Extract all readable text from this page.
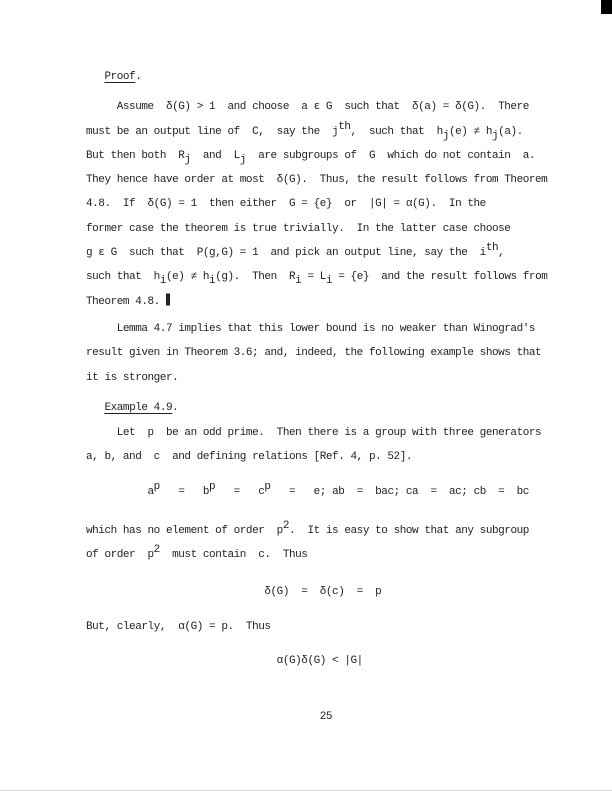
Proof.
Assume  δ(G) > 1  and choose  a ε G  such that  δ(a) = δ(G).  There
must be an output line of  C,  say the  jth,  such that  hj(e) ≠ hj(a).
But then both  Rj  and  Lj  are subgroups of  G  which do not contain  a.
They hence have order at most  δ(G).  Thus, the result follows from Theorem
4.8.  If  δ(G) = 1  then either  G = {e}  or  |G| = α(G).  In the
former case the theorem is true trivially.  In the latter case choose
g ε G  such that  P(g,G) = 1  and pick an output line, say the  ith,
such that  hi(e) ≠ hi(g).  Then  Ri = Li = {e}  and the result follows from
Theorem 4.8.
Lemma 4.7 implies that this lower bound is no weaker than Winograd's
result given in Theorem 3.6; and, indeed, the following example shows that
it is stronger.
Example 4.9.
Let  p  be an odd prime.  Then there is a group with three generators
a, b, and  c  and defining relations [Ref. 4, p. 52].
ap   =   bp   =   cp   =   e; ab  =  bac; ca  =  ac; cb  =  bc
which has no element of order  p2.  It is easy to show that any subgroup
of order  p2  must contain  c.  Thus
δ(G)  =  δ(c)  =  p
But, clearly,  α(G) = p.  Thus
α(G)δ(G) < |G|
25
